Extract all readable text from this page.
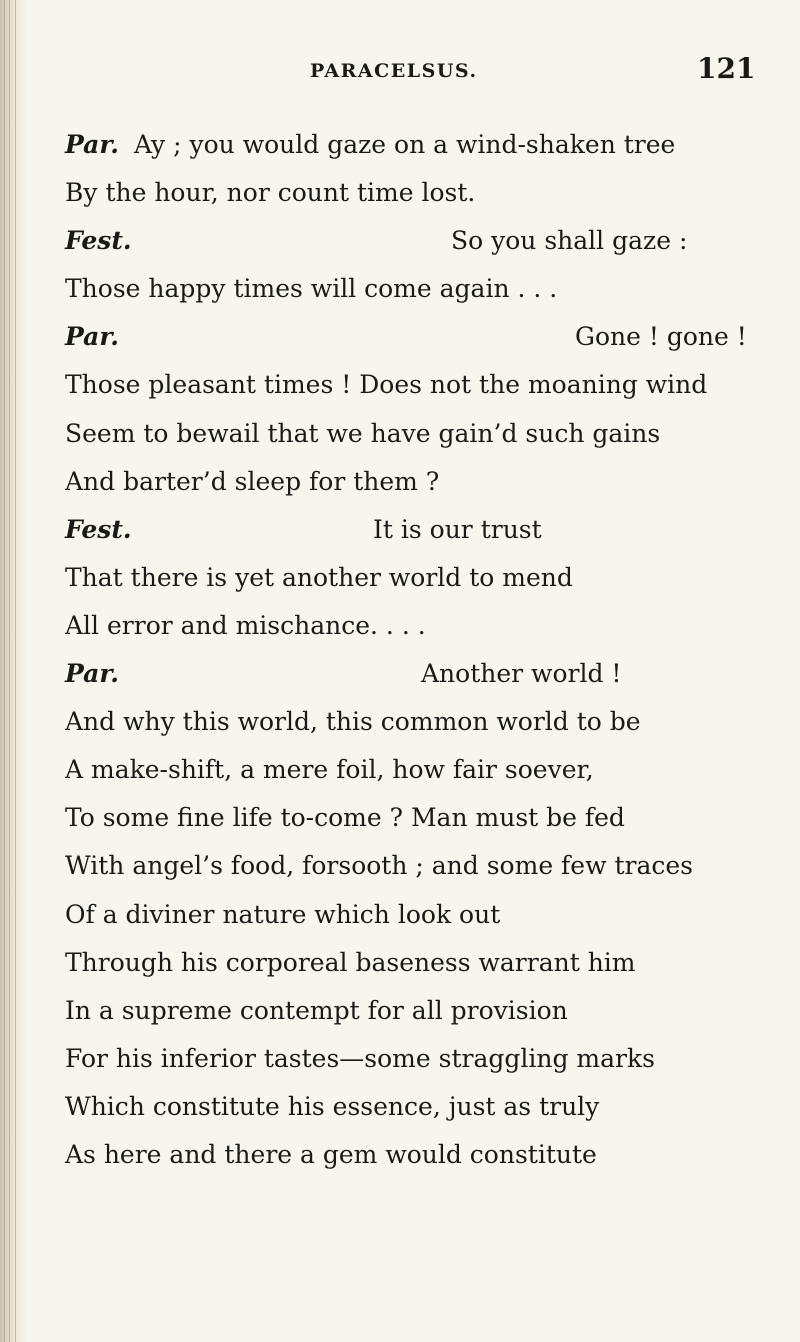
PARACELSUS.	121
Par. Ay ; you would gaze on a wind-shaken tree
By the hour, nor count time lost.
Fest.	So you shall gaze :
Those happy times will come again . . .
Par.	Gone ! gone !
Those pleasant times ! Does not the moaning wind
Seem to bewail that we have gain’d such gains
And barter’d sleep for them ?
Fest.	It is our trust
That there is yet another world to mend
All error and mischance. . . .
Par.	Another world !
And why this world, this common world to be
A make-shift, a mere foil, how fair soever,
To some fine life to-come ? Man must be fed
With angel’s food, forsooth ; and some few traces
Of a diviner nature which look out
Through his corporeal baseness warrant him
In a supreme contempt for all provision
For his inferior tastes—some straggling marks
Which constitute his essence, just as truly
As here and there a gem would constitute
